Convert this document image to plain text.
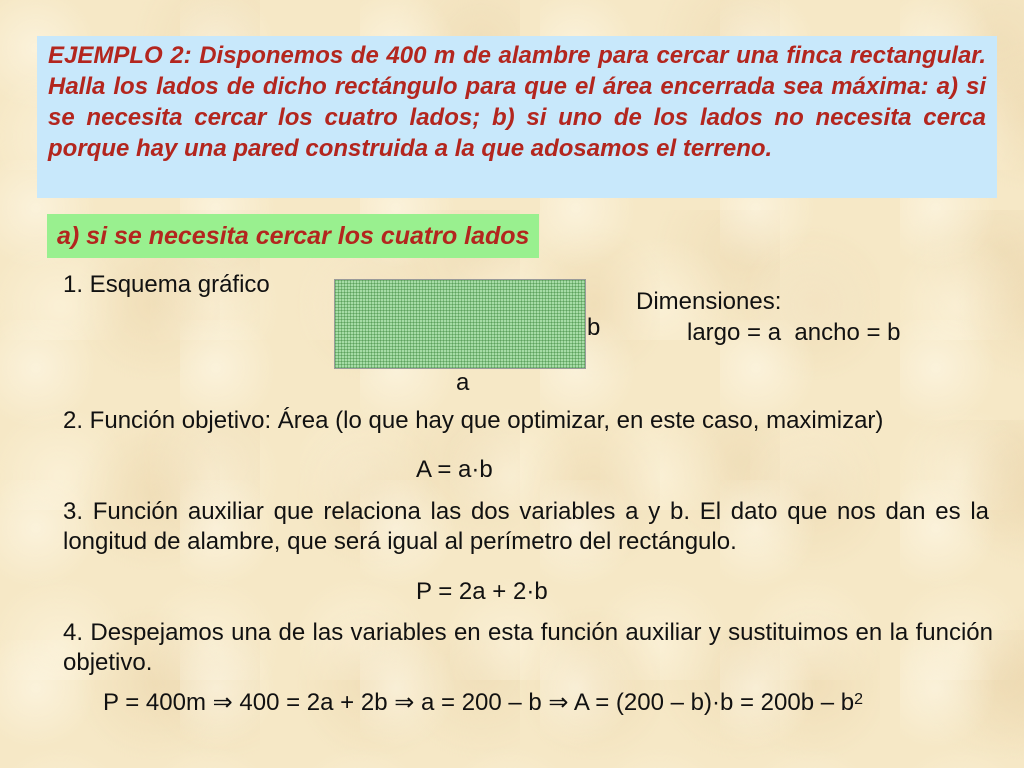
EJEMPLO 2: Disponemos de 400 m de alambre para cercar una finca rectangular. Halla los lados de dicho rectángulo para que el área encerrada sea máxima: a) si se necesita cercar los cuatro lados; b) si uno de los lados no necesita cerca porque hay una pared construida a la que adosamos el terreno.
a) si se necesita cercar los cuatro lados
1. Esquema gráfico
b
a
Dimensiones:
largo = a  ancho = b
2. Función objetivo: Área (lo que hay que optimizar, en este caso, maximizar)
A = a·b
3. Función auxiliar que relaciona las dos variables a y b. El dato que nos dan es la longitud de alambre, que será igual al perímetro del rectángulo.
P = 2a + 2·b
4. Despejamos una de las variables en esta función auxiliar y sustituimos en la función objetivo.
P = 400m ⇒ 400 = 2a + 2b ⇒ a = 200 – b ⇒ $A = (200 - b)\cdot b = 200b - b^2$
